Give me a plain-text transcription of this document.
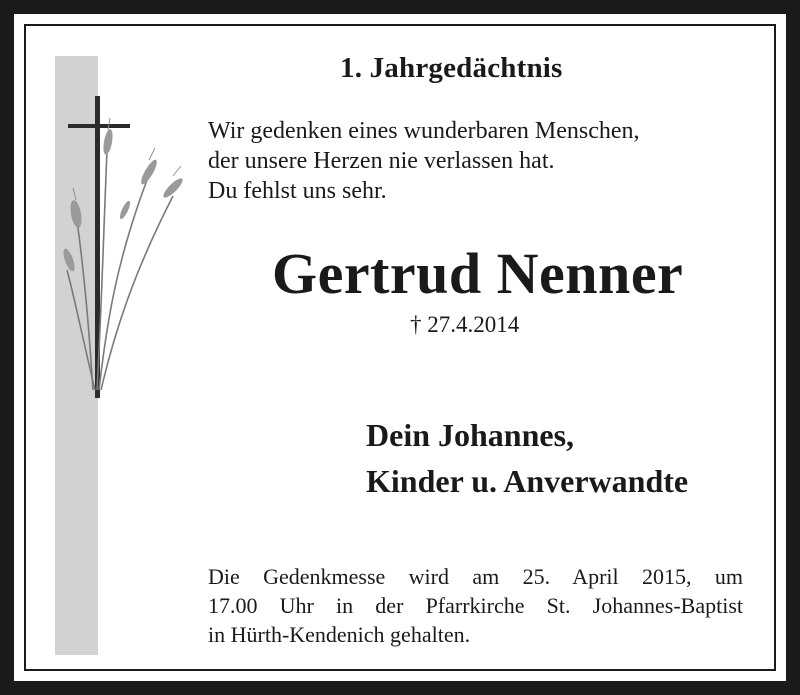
1. Jahrgedächtnis
Wir gedenken eines wunderbaren Menschen,
der unsere Herzen nie verlassen hat.
Du fehlst uns sehr.
Gertrud Nenner
† 27.4.2014
Dein Johannes,
Kinder u. Anverwandte
Die Gedenkmesse wird am 25. April 2015, um
17.00 Uhr in der Pfarrkirche St. Johannes-Baptist
in Hürth-Kendenich gehalten.
